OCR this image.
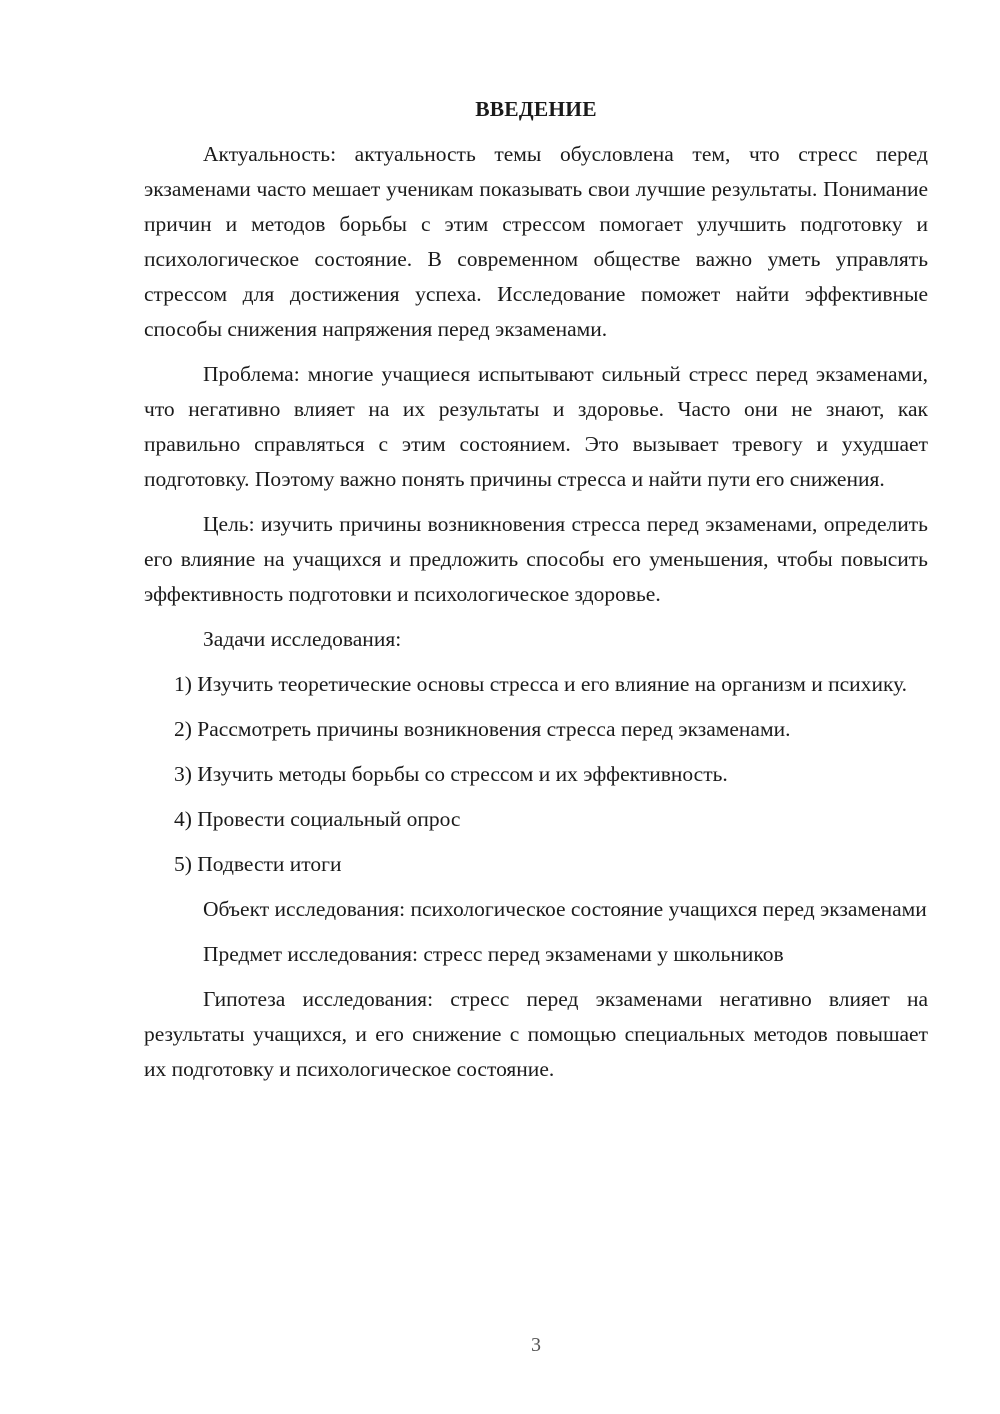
ВВЕДЕНИЕ

Актуальность: актуальность темы обусловлена тем, что стресс перед экзаменами часто мешает ученикам показывать свои лучшие результаты. Понимание причин и методов борьбы с этим стрессом помогает улучшить подготовку и психологическое состояние. В современном обществе важно уметь управлять стрессом для достижения успеха. Исследование поможет найти эффективные способы снижения напряжения перед экзаменами.

Проблема: многие учащиеся испытывают сильный стресс перед экзаменами, что негативно влияет на их результаты и здоровье. Часто они не знают, как правильно справляться с этим состоянием. Это вызывает тревогу и ухудшает подготовку. Поэтому важно понять причины стресса и найти пути его снижения.

Цель: изучить причины возникновения стресса перед экзаменами, определить его влияние на учащихся и предложить способы его уменьшения, чтобы повысить эффективность подготовки и психологическое здоровье.

Задачи исследования:

1) Изучить теоретические основы стресса и его влияние на организм и психику.

2) Рассмотреть причины возникновения стресса перед экзаменами.

3) Изучить методы борьбы со стрессом и их эффективность.

4) Провести социальный опрос

5) Подвести итоги

Объект исследования: психологическое состояние учащихся перед экзаменами

Предмет исследования: стресс перед экзаменами у школьников

Гипотеза исследования: стресс перед экзаменами негативно влияет на результаты учащихся, и его снижение с помощью специальных методов повышает их подготовку и психологическое состояние.

3
